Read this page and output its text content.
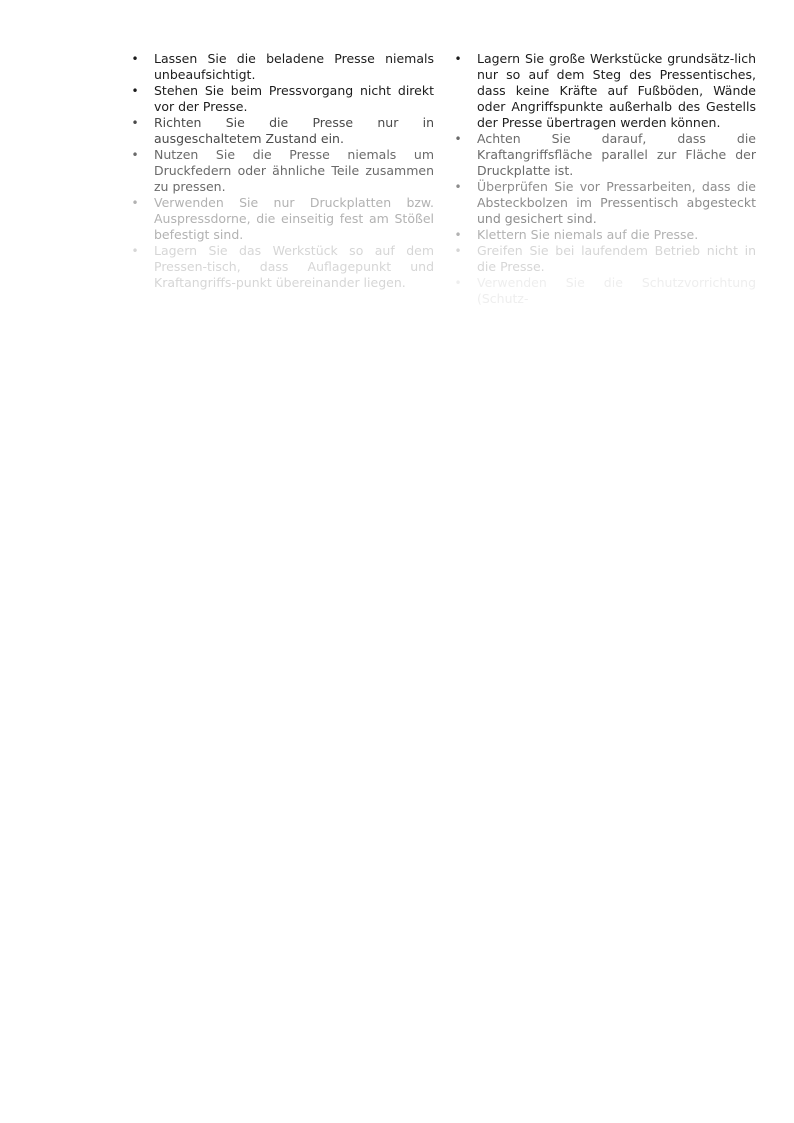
• Lassen Sie die beladene Presse niemals unbeaufsichtigt.
• Stehen Sie beim Pressvorgang nicht direkt vor der Presse.
• Richten Sie die Presse nur in ausgeschaltetem Zustand ein.
• Nutzen Sie die Presse niemals um Druckfedern oder ähnliche Teile zusammen zu pressen.
• Verwenden Sie nur Druckplatten bzw. Auspressdorne, die einseitig fest am Stößel befestigt sind.
• Lagern Sie das Werkstück so auf dem Pressen-tisch, dass Auflagepunkt und Kraftangriffs-punkt übereinander liegen.
• Lagern Sie große Werkstücke grundsätz-lich nur so auf dem Steg des Pressentisches, dass keine Kräfte auf Fußböden, Wände oder Angriffspunkte außerhalb des Gestells der Presse übertragen werden können.
• Achten Sie darauf, dass die Kraftangriffsfläche parallel zur Fläche der Druckplatte ist.
• Überprüfen Sie vor Pressarbeiten, dass die Absteckbolzen im Pressentisch abgesteckt und gesichert sind.
• Klettern Sie niemals auf die Presse.
• Greifen Sie bei laufendem Betrieb nicht in die Presse.
• Verwenden Sie die Schutzvorrichtung (Schutz-
